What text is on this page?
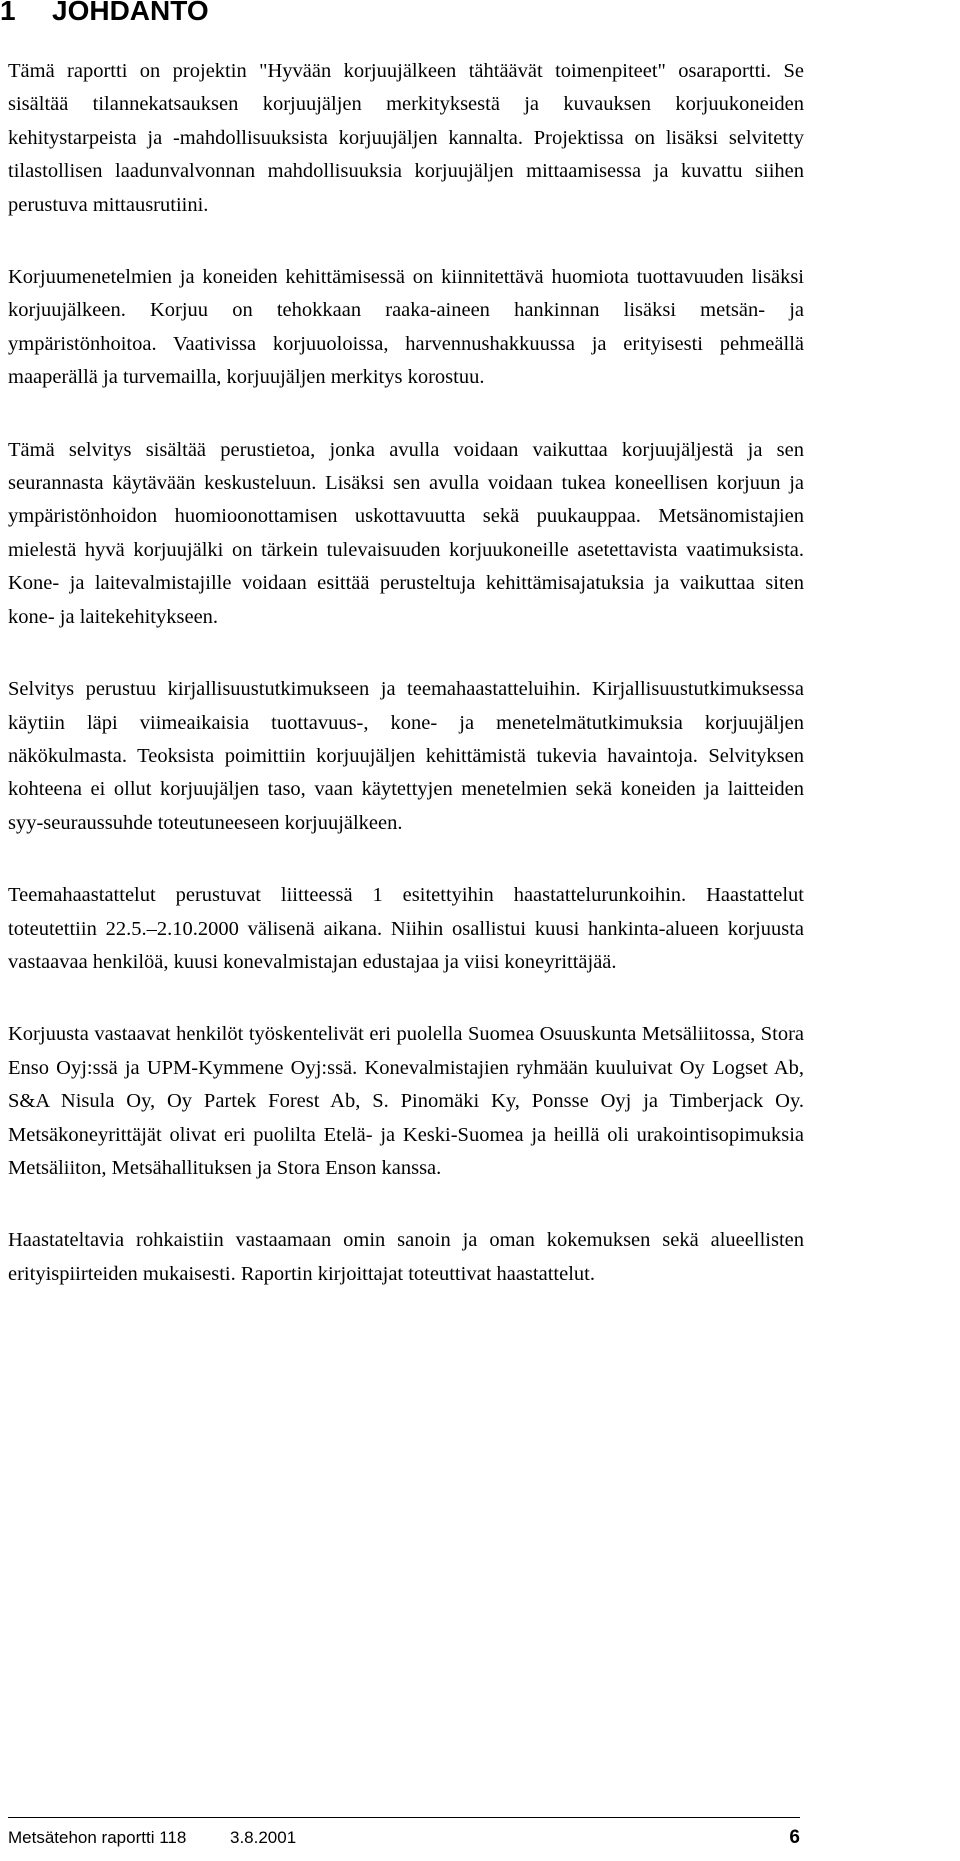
1 JOHDANTO

Tämä raportti on projektin "Hyvään korjuujälkeen tähtäävät toimenpiteet" osaraportti. Se sisältää tilannekatsauksen korjuujäljen merkityksestä ja kuvauksen korjuukoneiden kehitystarpeista ja -mahdollisuuksista korjuujäljen kannalta. Projektissa on lisäksi selvitetty tilastollisen laadunvalvonnan mahdollisuuksia korjuujäljen mittaamisessa ja kuvattu siihen perustuva mittausrutiini.

Korjuumenetelmien ja koneiden kehittämisessä on kiinnitettävä huomiota tuottavuuden lisäksi korjuujälkeen. Korjuu on tehokkaan raaka-aineen hankinnan lisäksi metsän- ja ympäristönhoitoa. Vaativissa korjuuoloissa, harvennushakkuussa ja erityisesti pehmeällä maaperällä ja turvemailla, korjuujäljen merkitys korostuu.

Tämä selvitys sisältää perustietoa, jonka avulla voidaan vaikuttaa korjuujäljestä ja sen seurannasta käytävään keskusteluun. Lisäksi sen avulla voidaan tukea koneellisen korjuun ja ympäristönhoidon huomioonottamisen uskottavuutta sekä puukauppaa. Metsänomistajien mielestä hyvä korjuujälki on tärkein tulevaisuuden korjuukoneille asetettavista vaatimuksista. Kone- ja laitevalmistajille voidaan esittää perusteltuja kehittämisajatuksia ja vaikuttaa siten kone- ja laitekehitykseen.

Selvitys perustuu kirjallisuustutkimukseen ja teemahaastatteluihin. Kirjallisuustutkimuksessa käytiin läpi viimeaikaisia tuottavuus-, kone- ja menetelmätutkimuksia korjuujäljen näkökulmasta. Teoksista poimittiin korjuujäljen kehittämistä tukevia havaintoja. Selvityksen kohteena ei ollut korjuujäljen taso, vaan käytettyjen menetelmien sekä koneiden ja laitteiden syy-seuraussuhde toteutuneeseen korjuujälkeen.

Teemahaastattelut perustuvat liitteessä 1 esitettyihin haastattelurunkoihin. Haastattelut toteutettiin 22.5.–2.10.2000 välisenä aikana. Niihin osallistui kuusi hankinta-alueen korjuusta vastaavaa henkilöä, kuusi konevalmistajan edustajaa ja viisi koneyrittäjää.

Korjuusta vastaavat henkilöt työskentelivät eri puolella Suomea Osuuskunta Metsäliitossa, Stora Enso Oyj:ssä ja UPM-Kymmene Oyj:ssä. Konevalmistajien ryhmään kuuluivat Oy Logset Ab, S&A Nisula Oy, Oy Partek Forest Ab, S. Pinomäki Ky, Ponsse Oyj ja Timberjack Oy. Metsäkoneyrittäjät olivat eri puolilta Etelä- ja Keski-Suomea ja heillä oli urakointisopimuksia Metsäliiton, Metsähallituksen ja Stora Enson kanssa.

Haastateltavia rohkaistiin vastaamaan omin sanoin ja oman kokemuksen sekä alueellisten erityispiirteiden mukaisesti. Raportin kirjoittajat toteuttivat haastattelut.

Metsätehon raportti 118	3.8.2001	6
